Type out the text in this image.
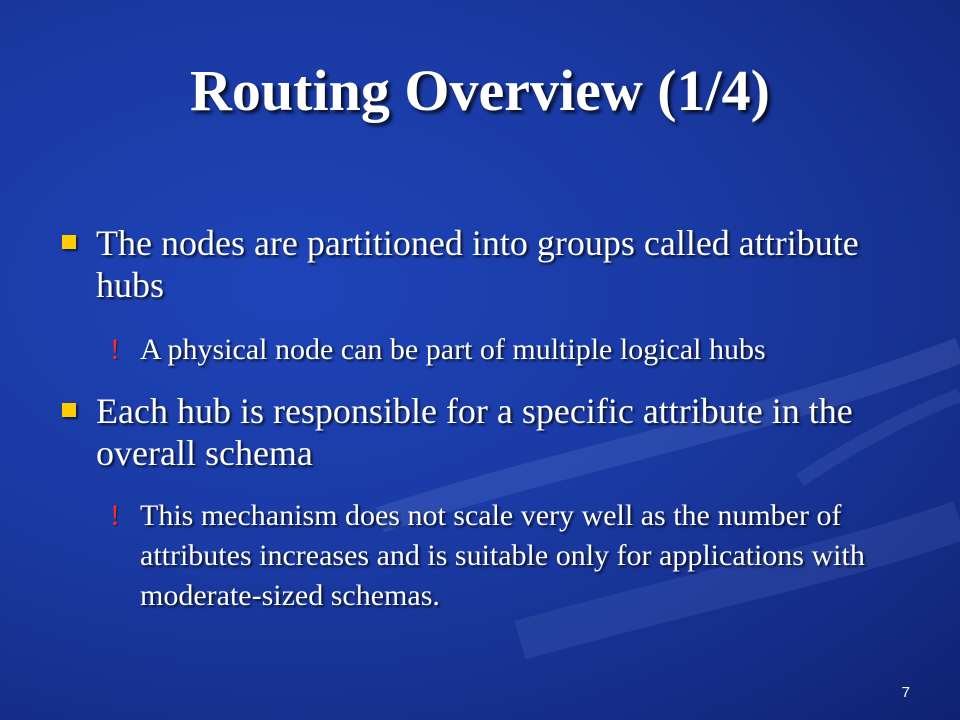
Routing Overview (1/4)
The nodes are partitioned into groups called attribute hubs
! A physical node can be part of multiple logical hubs
Each hub is responsible for a specific attribute in the overall schema
! This mechanism does not scale very well as the number of attributes increases and is suitable only for applications with moderate-sized schemas.
7
